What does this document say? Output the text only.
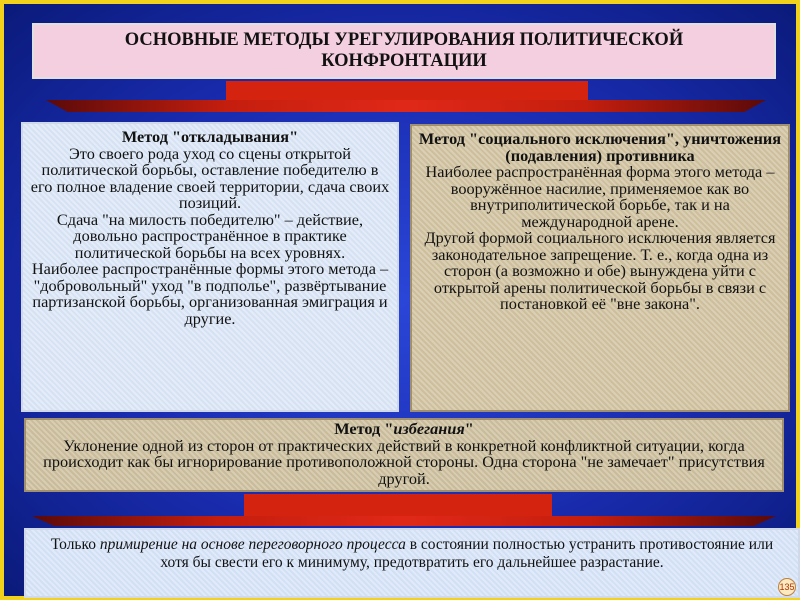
ОСНОВНЫЕ МЕТОДЫ УРЕГУЛИРОВАНИЯ ПОЛИТИЧЕСКОЙ
КОНФРОНТАЦИИ
Метод "откладывания"
Это своего рода уход со сцены открытой политической борьбы, оставление победителю в его полное владение своей территории, сдача своих позиций.
Сдача "на милость победителю" – действие, довольно распространённое в практике политической борьбы на всех уровнях.
Наиболее распространённые формы этого метода – "добровольный" уход "в подполье", развёртывание партизанской борьбы, организованная эмиграция и другие.
Метод "социального исключения", уничтожения (подавления) противника
Наиболее распространённая форма этого метода – вооружённое насилие, применяемое как во внутриполитической борьбе, так и на международной арене.
Другой формой социального исключения является законодательное запрещение. Т. е., когда одна из сторон (а возможно и обе) вынуждена уйти с открытой арены политической борьбы в связи с постановкой её "вне закона".
Метод "избегания"
Уклонение одной из сторон от практических действий в конкретной конфликтной ситуации, когда происходит как бы игнорирование противоположной стороны. Одна сторона "не замечает" присутствия другой.
Только примирение на основе переговорного процесса в состоянии полностью устранить противостояние или хотя бы свести его к минимуму, предотвратить его дальнейшее разрастание.
135
